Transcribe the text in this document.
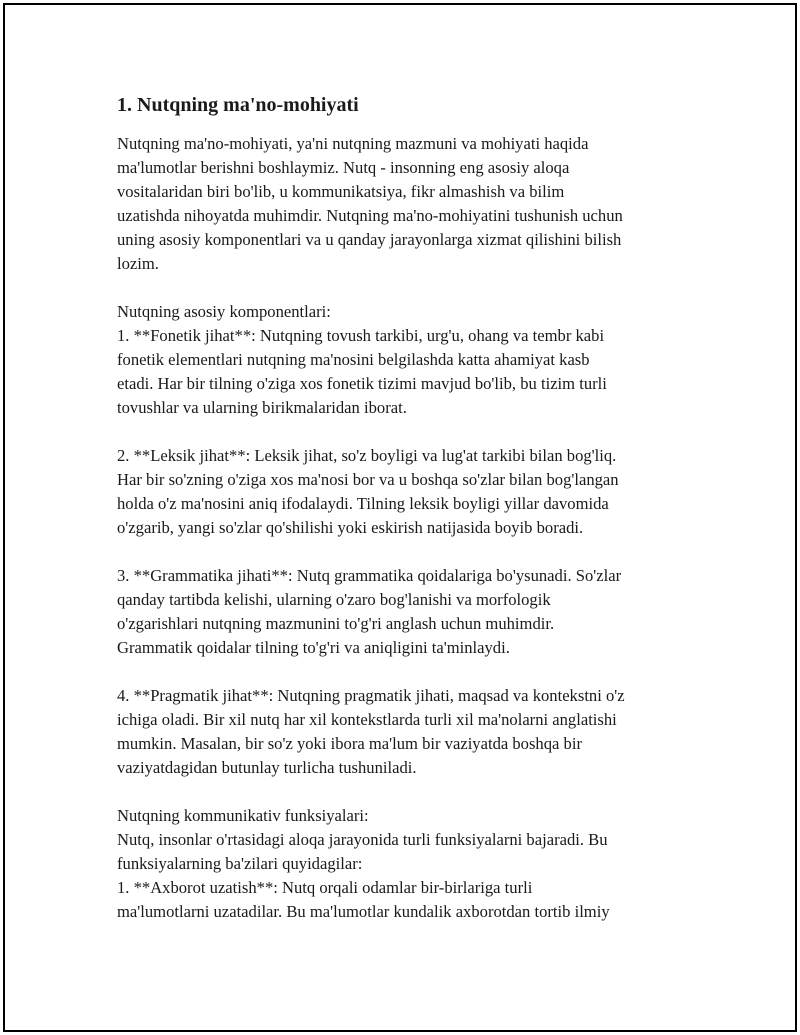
1. Nutqning ma'no-mohiyati

Nutqning ma'no-mohiyati, ya'ni nutqning mazmuni va mohiyati haqida
ma'lumotlar berishni boshlaymiz. Nutq - insonning eng asosiy aloqa
vositalaridan biri bo'lib, u kommunikatsiya, fikr almashish va bilim
uzatishda nihoyatda muhimdir. Nutqning ma'no-mohiyatini tushunish uchun
uning asosiy komponentlari va u qanday jarayonlarga xizmat qilishini bilish
lozim.

Nutqning asosiy komponentlari:
1. **Fonetik jihat**: Nutqning tovush tarkibi, urg'u, ohang va tembr kabi
fonetik elementlari nutqning ma'nosini belgilashda katta ahamiyat kasb
etadi. Har bir tilning o'ziga xos fonetik tizimi mavjud bo'lib, bu tizim turli
tovushlar va ularning birikmalaridan iborat.

2. **Leksik jihat**: Leksik jihat, so'z boyligi va lug'at tarkibi bilan bog'liq.
Har bir so'zning o'ziga xos ma'nosi bor va u boshqa so'zlar bilan bog'langan
holda o'z ma'nosini aniq ifodalaydi. Tilning leksik boyligi yillar davomida
o'zgarib, yangi so'zlar qo'shilishi yoki eskirish natijasida boyib boradi.

3. **Grammatika jihati**: Nutq grammatika qoidalariga bo'ysunadi. So'zlar
qanday tartibda kelishi, ularning o'zaro bog'lanishi va morfologik
o'zgarishlari nutqning mazmunini to'g'ri anglash uchun muhimdir.
Grammatik qoidalar tilning to'g'ri va aniqligini ta'minlaydi.

4. **Pragmatik jihat**: Nutqning pragmatik jihati, maqsad va kontekstni o'z
ichiga oladi. Bir xil nutq har xil kontekstlarda turli xil ma'nolarni anglatishi
mumkin. Masalan, bir so'z yoki ibora ma'lum bir vaziyatda boshqa bir
vaziyatdagidan butunlay turlicha tushuniladi.

Nutqning kommunikativ funksiyalari:
Nutq, insonlar o'rtasidagi aloqa jarayonida turli funksiyalarni bajaradi. Bu
funksiyalarning ba'zilari quyidagilar:
1. **Axborot uzatish**: Nutq orqali odamlar bir-birlariga turli
ma'lumotlarni uzatadilar. Bu ma'lumotlar kundalik axborotdan tortib ilmiy
